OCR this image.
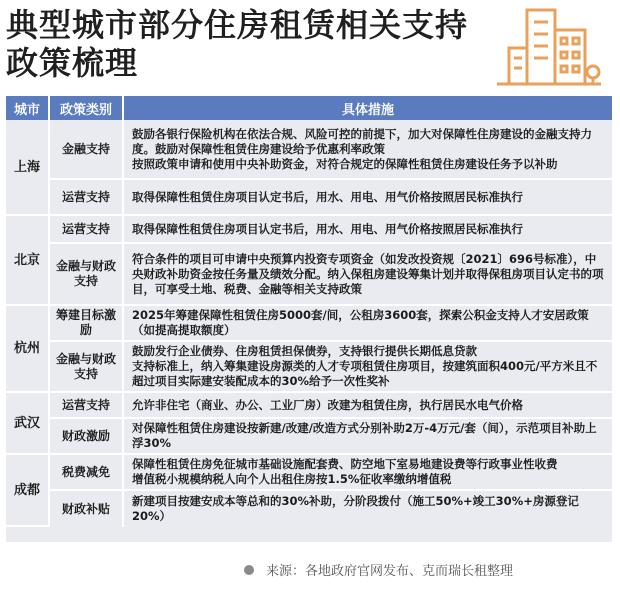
典型城市部分住房租赁相关支持
政策梳理
城市	政策类别	具体措施
上海	金融支持	鼓励各银行保险机构在依法合规、风险可控的前提下，加大对保障性住房建设的金融支持力度。鼓励对保障性租赁住房建设给予优惠利率政策
按照政策申请和使用中央补助资金，对符合规定的保障性租赁住房建设任务予以补助
	运营支持	取得保障性租赁住房项目认定书后，用水、用电、用气价格按照居民标准执行
北京	运营支持	取得保障性租赁住房项目认定书后，用水、用电、用气价格按照居民标准执行
	金融与财政支持	符合条件的项目可申请中央预算内投资专项资金（如发改投资规〔2021〕696号标准），中央财政补助资金按任务量及绩效分配。纳入保租房建设筹集计划并取得保租房项目认定书的项目，可享受土地、税费、金融等相关支持政策
杭州	筹建目标激励	2025年筹建保障性租赁住房5000套/间，公租房3600套，探索公积金支持人才安居政策（如提高提取额度）
	金融与财政支持	鼓励发行企业债券、住房租赁担保债券，支持银行提供长期低息贷款
支持标准上，纳入筹集建设房源类的人才专项租赁住房项目，按建筑面积400元/平方米且不超过项目实际建安装配成本的30%给予一次性奖补
武汉	运营支持	允许非住宅（商业、办公、工业厂房）改建为租赁住房，执行居民水电气价格
	财政激励	对保障性租赁住房建设按新建/改建/改造方式分别补助2万-4万元/套（间），示范项目补助上浮30%
成都	税费减免	保障性租赁住房免征城市基础设施配套费、防空地下室易地建设费等行政事业性收费
增值税小规模纳税人向个人出租住房按1.5%征收率缴纳增值税
	财政补贴	新建项目按建安成本等总和的30%补助，分阶段拨付（施工50%+竣工30%+房源登记20%）
来源：各地政府官网发布、克而瑞长租整理
